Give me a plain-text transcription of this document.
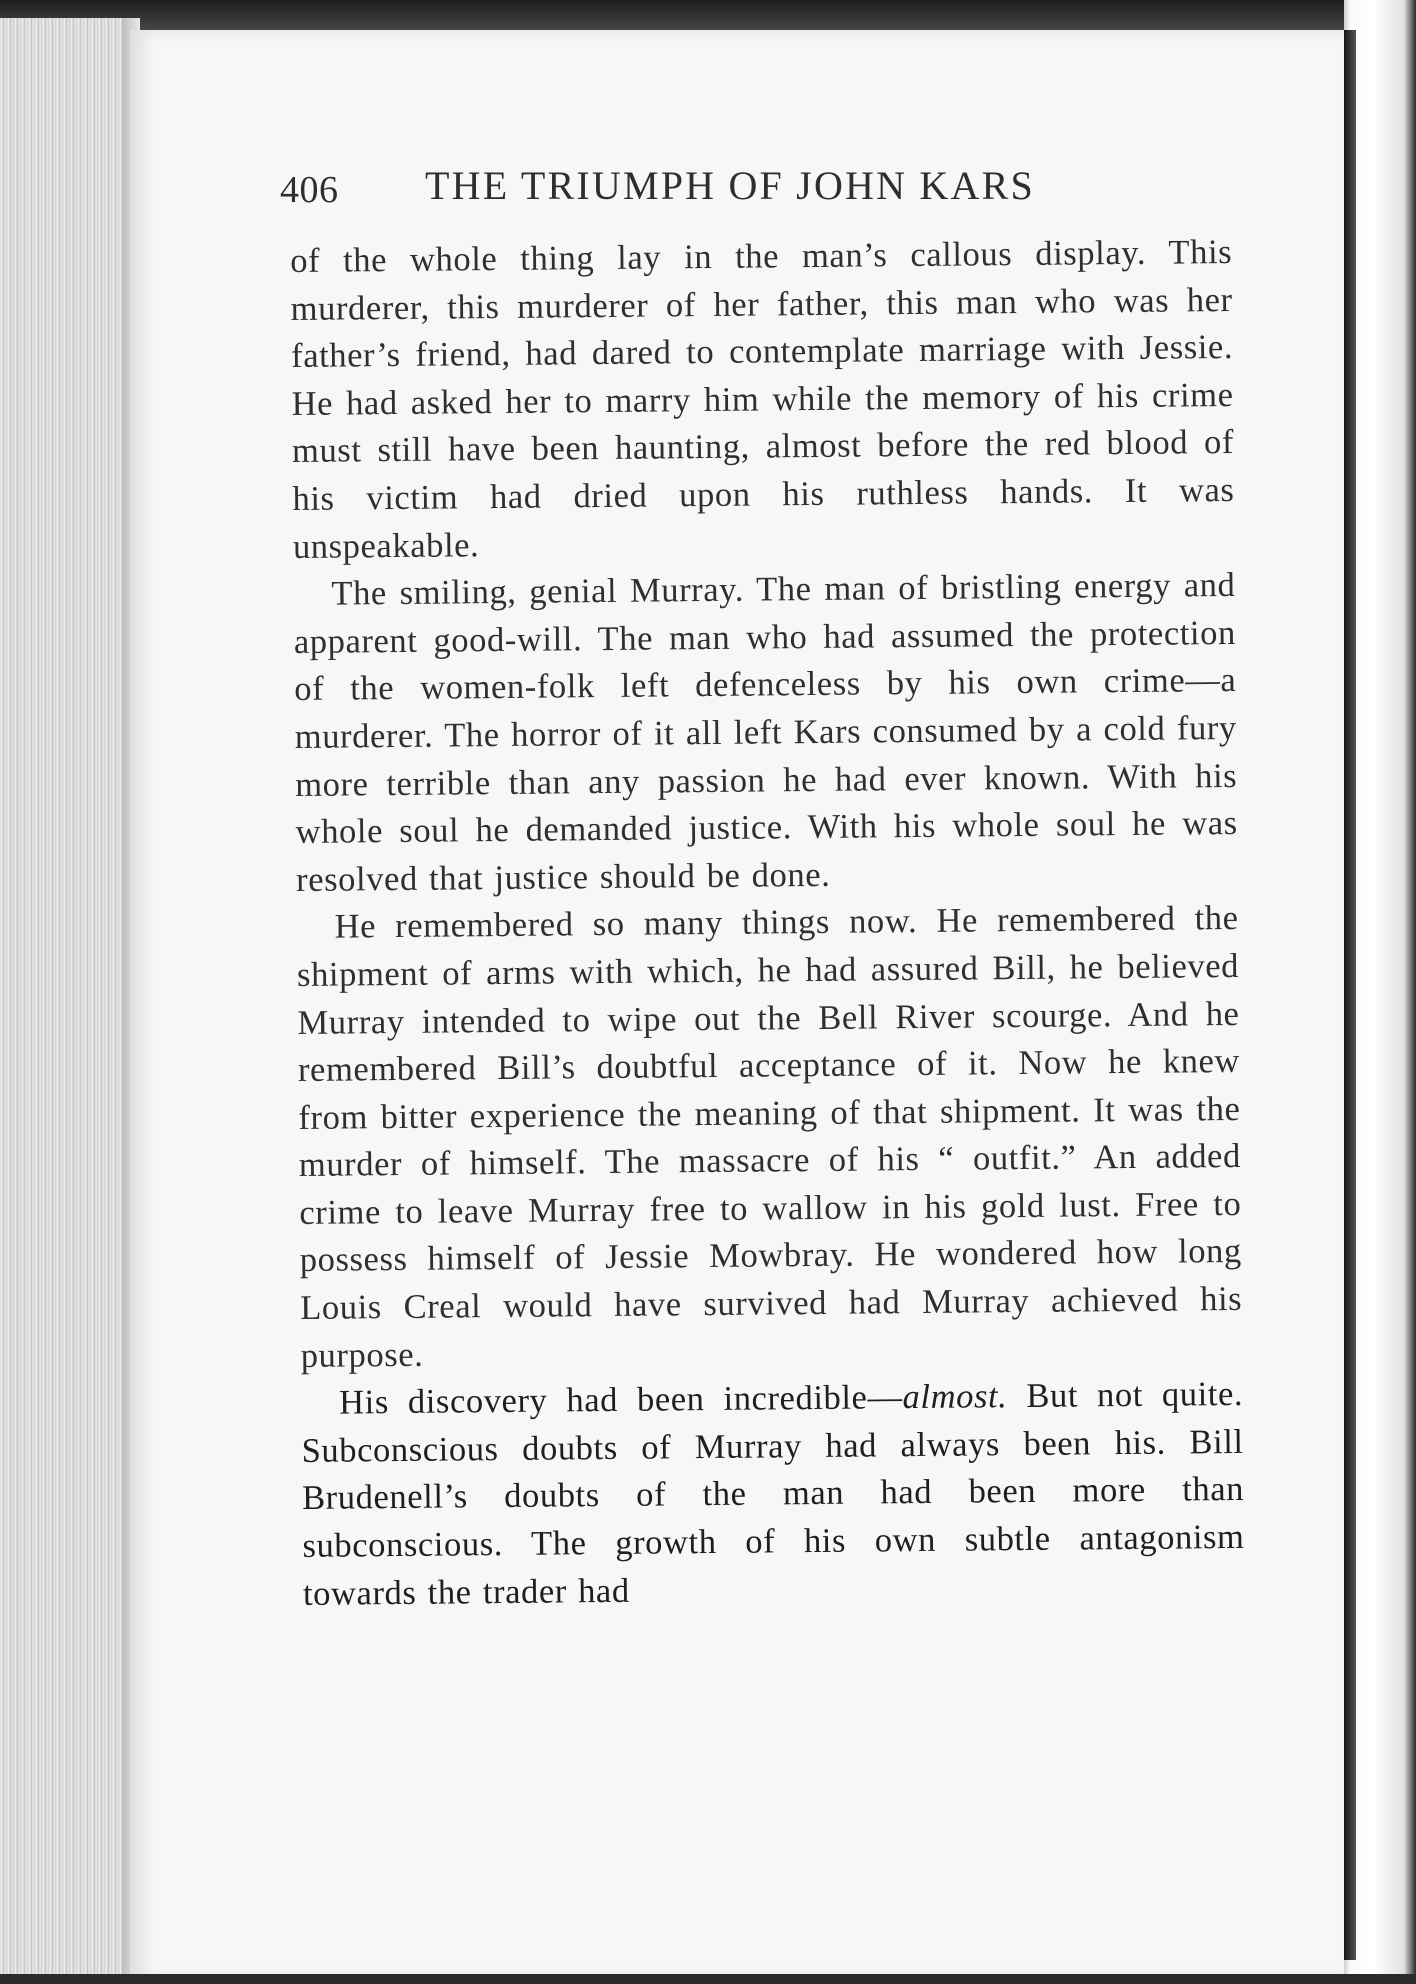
406 THE TRIUMPH OF JOHN KARS

of the whole thing lay in the man’s callous display. This murderer, this murderer of her father, this man who was her father’s friend, had dared to contemplate marriage with Jessie. He had asked her to marry him while the memory of his crime must still have been haunting, almost before the red blood of his victim had dried upon his ruthless hands. It was unspeakable.

The smiling, genial Murray. The man of bristling energy and apparent good-will. The man who had assumed the protection of the women-folk left defenceless by his own crime—a murderer. The horror of it all left Kars consumed by a cold fury more terrible than any passion he had ever known. With his whole soul he demanded justice. With his whole soul he was resolved that justice should be done.

He remembered so many things now. He remembered the shipment of arms with which, he had assured Bill, he believed Murray intended to wipe out the Bell River scourge. And he remembered Bill’s doubtful acceptance of it. Now he knew from bitter experience the meaning of that shipment. It was the murder of himself. The massacre of his “ outfit.” An added crime to leave Murray free to wallow in his gold lust. Free to possess himself of Jessie Mowbray. He wondered how long Louis Creal would have survived had Murray achieved his purpose.

His discovery had been incredible—almost. But not quite. Subconscious doubts of Murray had always been his. Bill Brudenell’s doubts of the man had been more than subconscious. The growth of his own subtle antagonism towards the trader had
